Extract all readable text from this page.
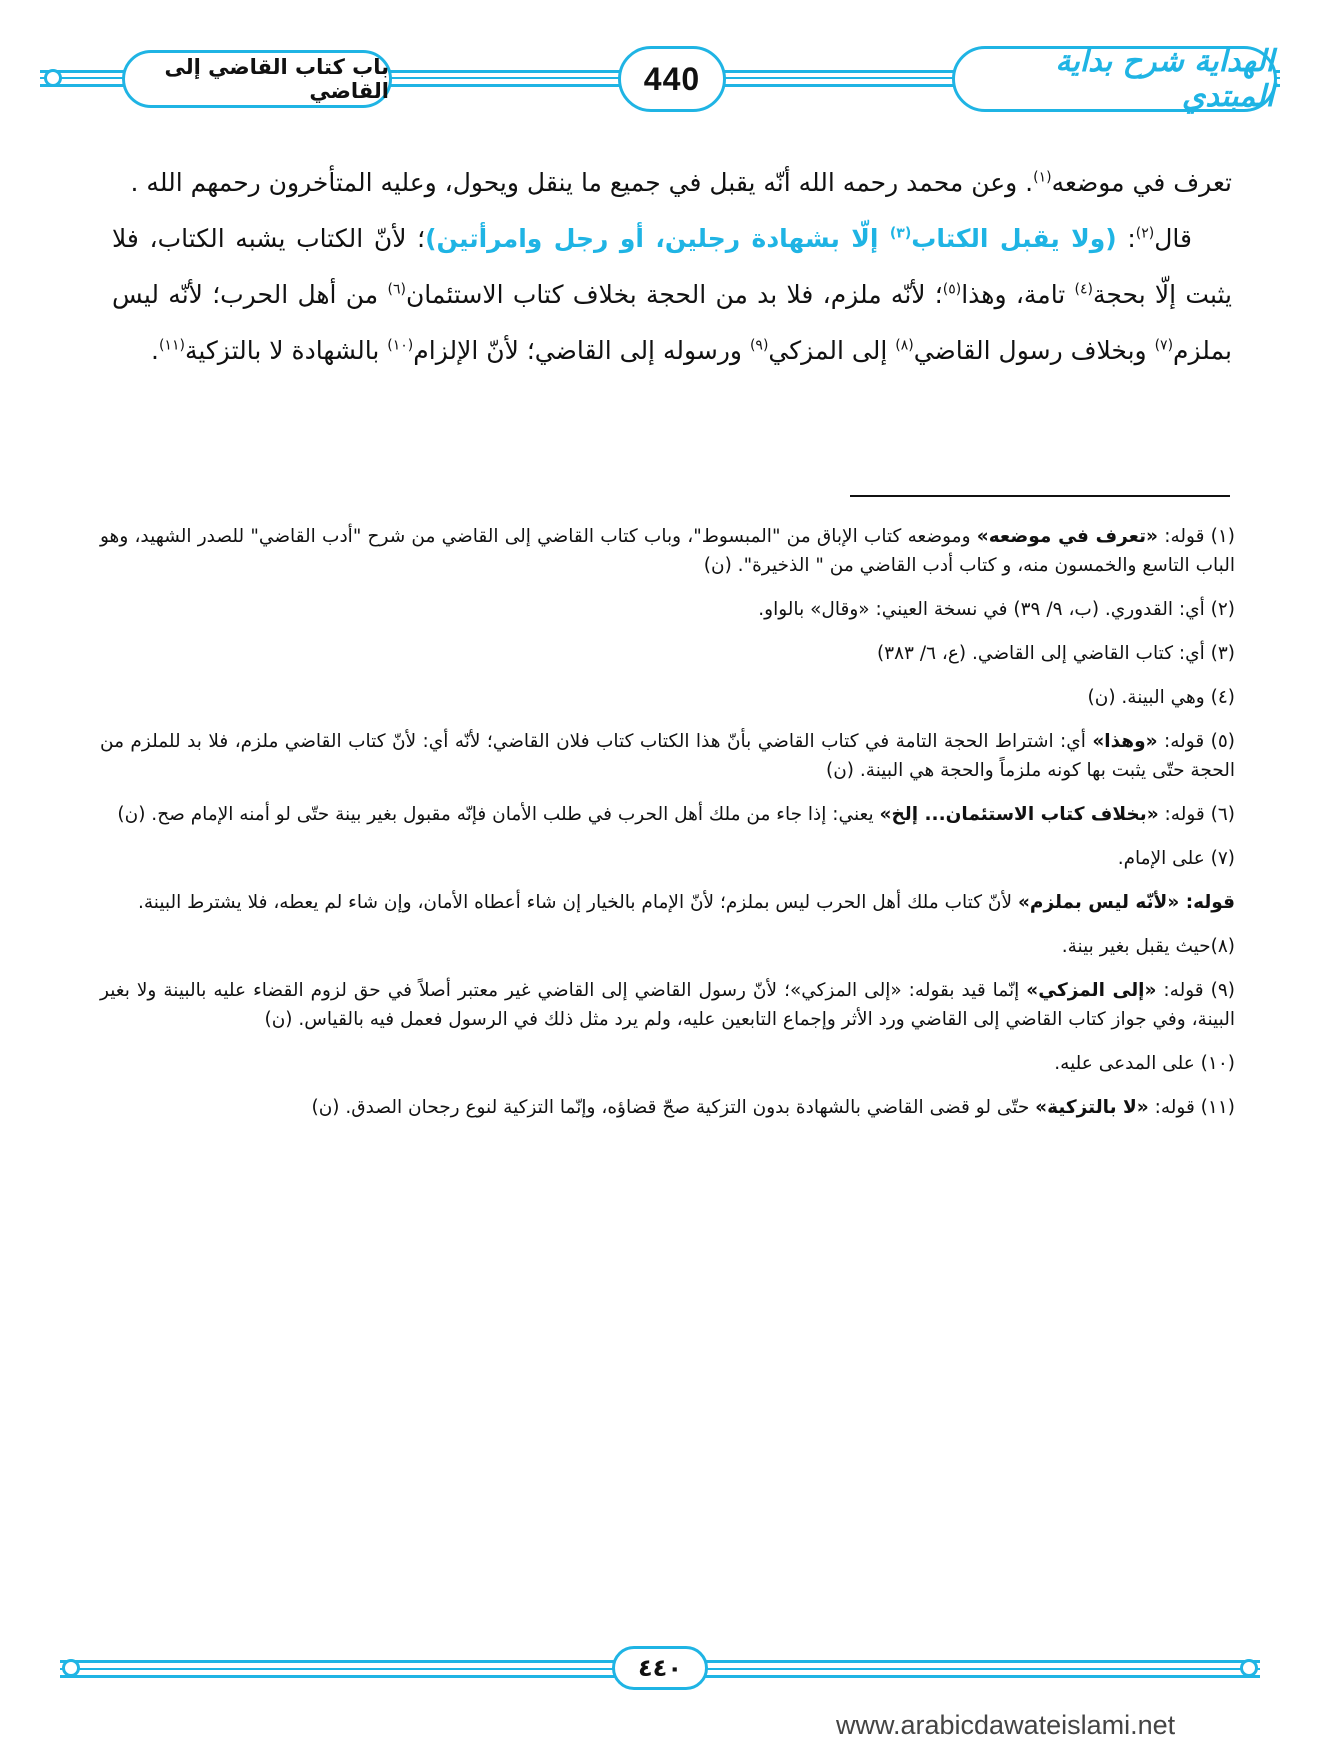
الهداية شرح بداية المبتدي
440
باب كتاب القاضي إلى القاضي

تعرف في موضعه$^{(١)}$. وعن محمد رحمه الله أنّه يقبل في جميع ما ينقل ويحول، وعليه المتأخرون رحمهم الله .

قال$^{(٢)}$: (ولا يقبل الكتاب$^{(٣)}$ إلّا بشهادة رجلين، أو رجل وامرأتين)؛ لأنّ الكتاب يشبه الكتاب، فلا يثبت إلّا بحجة$^{(٤)}$ تامة، وهذا$^{(٥)}$؛ لأنّه ملزم، فلا بد من الحجة بخلاف كتاب الاستئمان$^{(٦)}$ من أهل الحرب؛ لأنّه ليس بملزم$^{(٧)}$ وبخلاف رسول القاضي$^{(٨)}$ إلى المزكي$^{(٩)}$ ورسوله إلى القاضي؛ لأنّ الإلزام$^{(١٠)}$ بالشهادة لا بالتزكية$^{(١١)}$.

(١) قوله: «تعرف في موضعه» وموضعه كتاب الإباق من "المبسوط"، وباب كتاب القاضي إلى القاضي من شرح "أدب القاضي" للصدر الشهيد، وهو الباب التاسع والخمسون منه، و كتاب أدب القاضي من " الذخيرة". (ن)

(٢) أي: القدوري. (ب، ٩/ ٣٩) في نسخة العيني: «وقال» بالواو.

(٣) أي: كتاب القاضي إلى القاضي. (ع، ٦/ ٣٨٣)

(٤) وهي البينة. (ن)

(٥) قوله: «وهذا» أي: اشتراط الحجة التامة في كتاب القاضي بأنّ هذا الكتاب كتاب فلان القاضي؛ لأنّه أي: لأنّ كتاب القاضي ملزم، فلا بد للملزم من الحجة حتّى يثبت بها كونه ملزماً والحجة هي البينة. (ن)

(٦) قوله: «بخلاف كتاب الاستئمان... إلخ» يعني: إذا جاء من ملك أهل الحرب في طلب الأمان فإنّه مقبول بغير بينة حتّى لو أمنه الإمام صح. (ن)

(٧) على الإمام.

قوله: «لأنّه ليس بملزم» لأنّ كتاب ملك أهل الحرب ليس بملزم؛ لأنّ الإمام بالخيار إن شاء أعطاه الأمان، وإن شاء لم يعطه، فلا يشترط البينة.

(٨)حيث يقبل بغير بينة.

(٩) قوله: «إلى المزكي» إنّما قيد بقوله: «إلى المزكي»؛ لأنّ رسول القاضي إلى القاضي غير معتبر أصلاً في حق لزوم القضاء عليه بالبينة ولا بغير البينة، وفي جواز كتاب القاضي إلى القاضي ورد الأثر وإجماع التابعين عليه، ولم يرد مثل ذلك في الرسول فعمل فيه بالقياس. (ن)

(١٠) على المدعى عليه.

(١١) قوله: «لا بالتزكية» حتّى لو قضى القاضي بالشهادة بدون التزكية صحّ قضاؤه، وإنّما التزكية لنوع رجحان الصدق. (ن)

٤٤٠
www.arabicdawateislami.net
